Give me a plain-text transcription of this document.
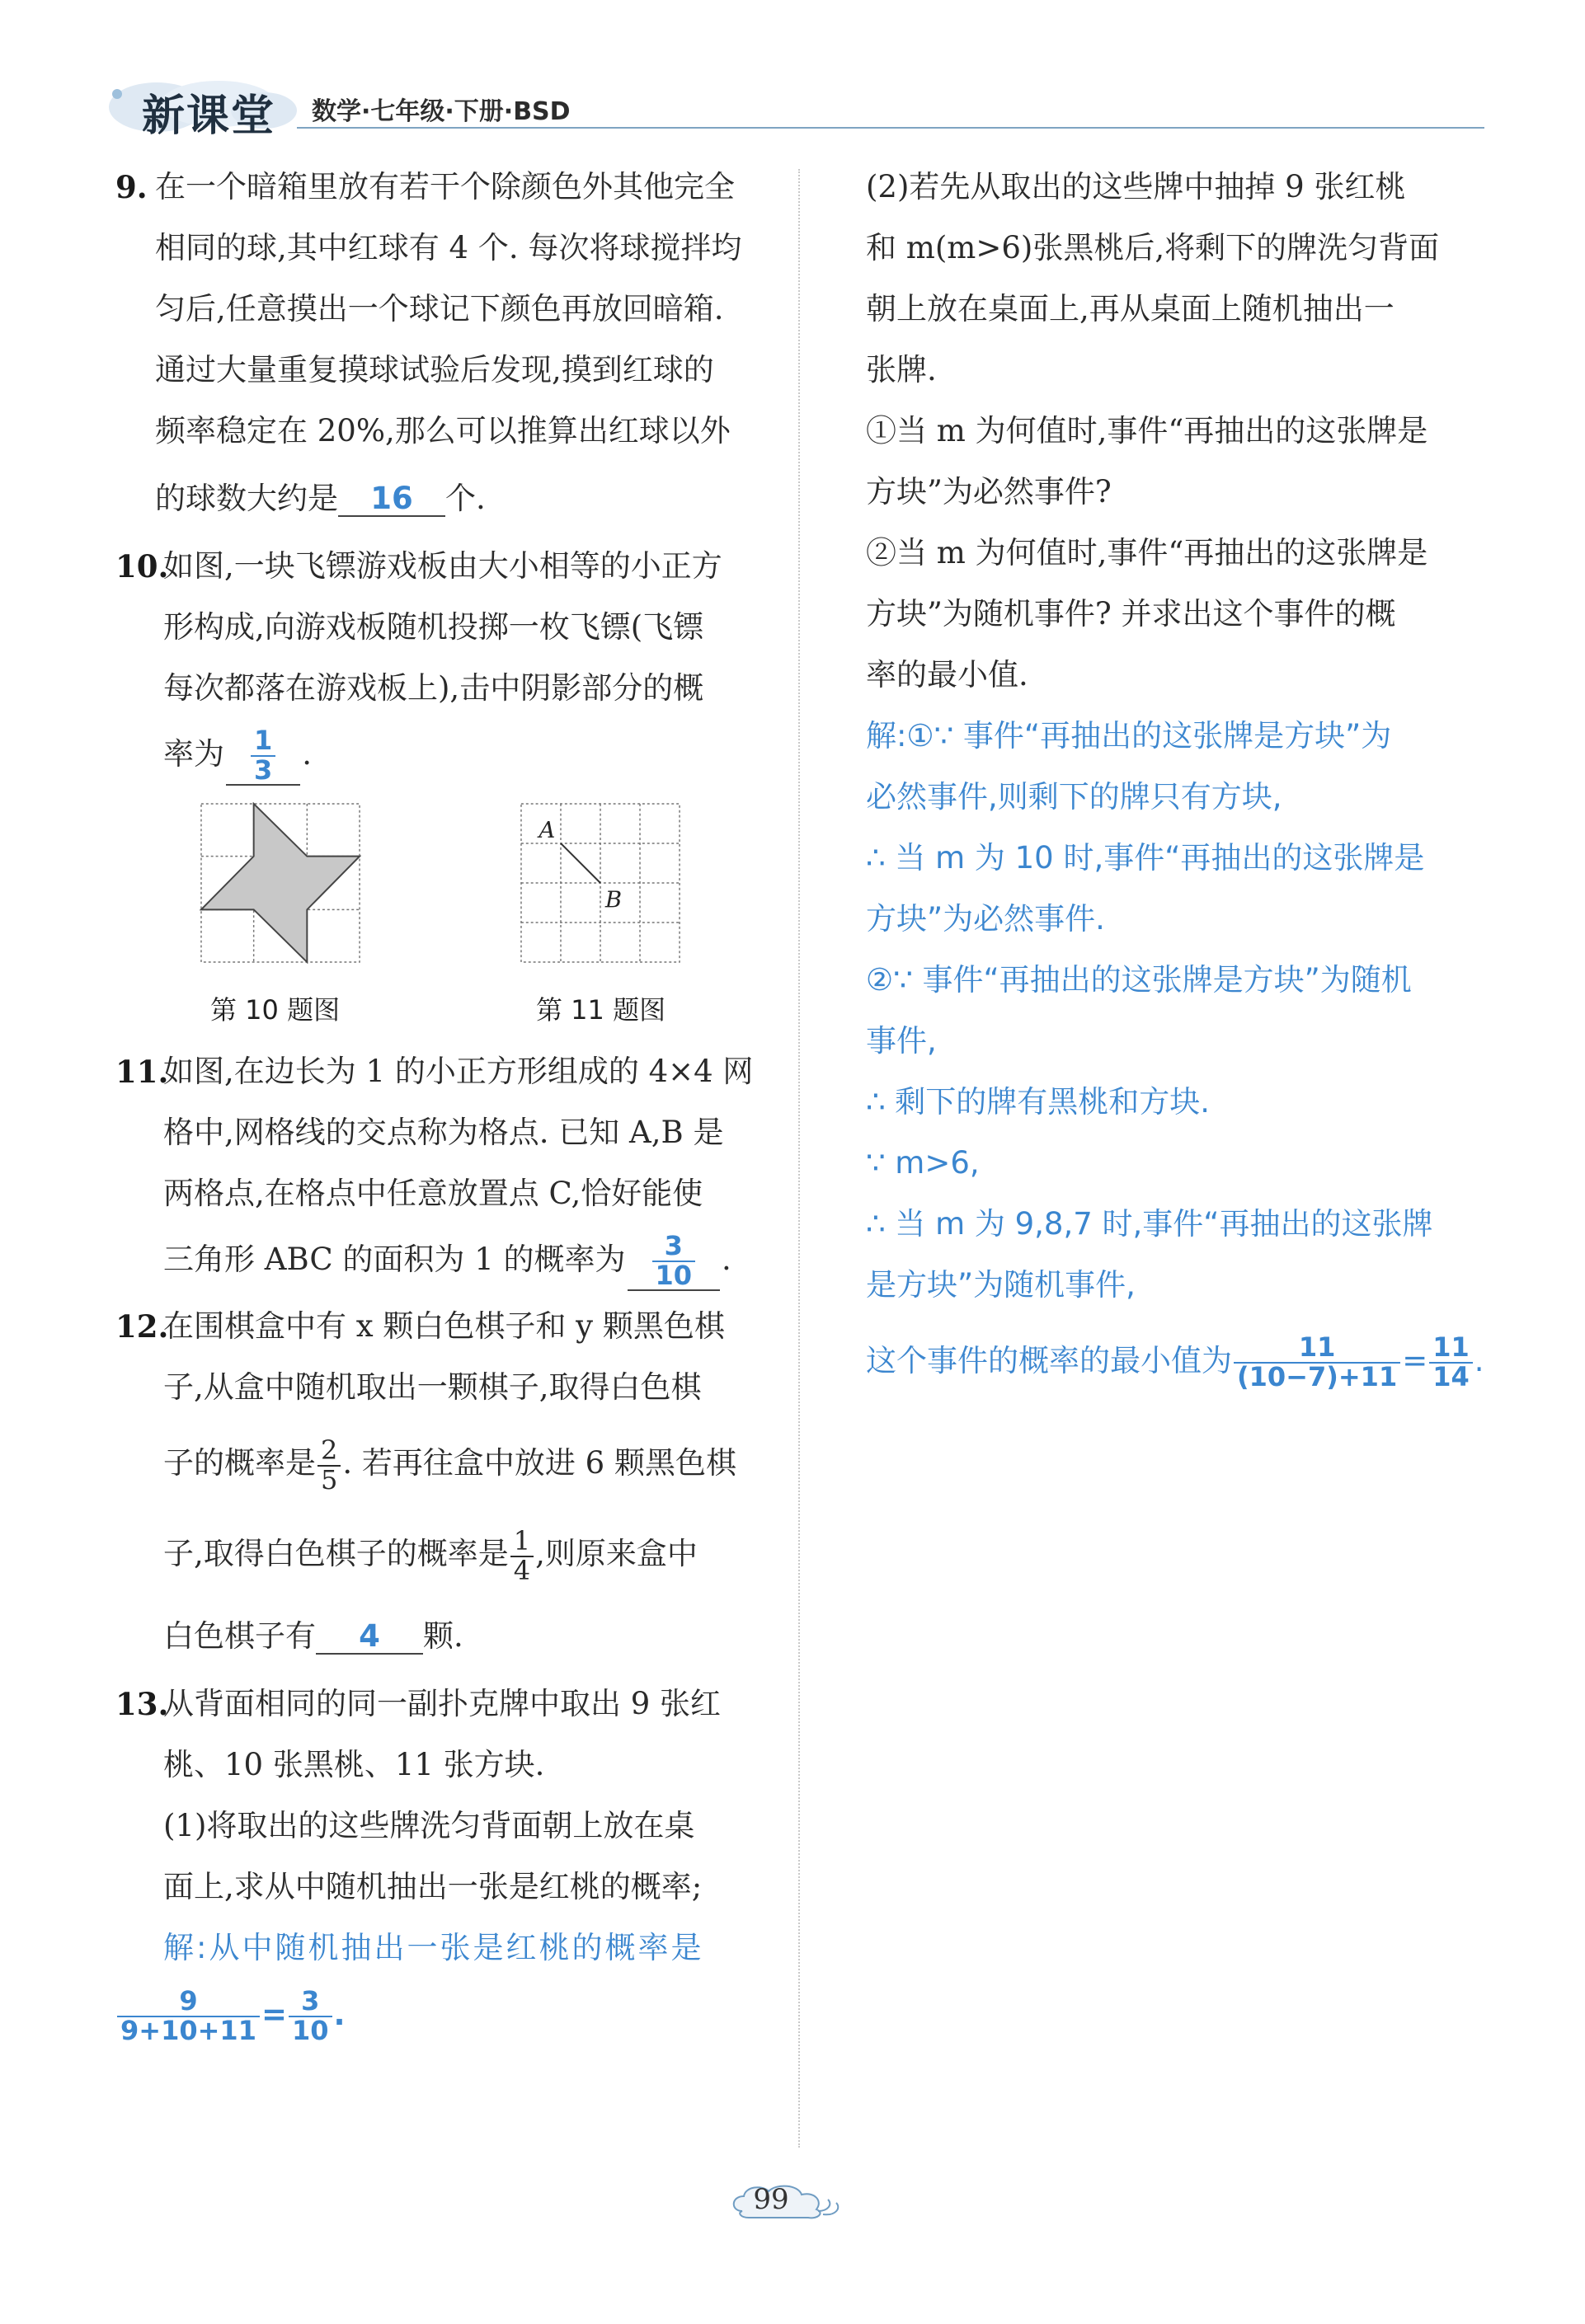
新课堂 数学·七年级·下册·BSD
9. 在一个暗箱里放有若干个除颜色外其他完全
相同的球,其中红球有 4 个. 每次将球搅拌均
匀后,任意摸出一个球记下颜色再放回暗箱.
通过大量重复摸球试验后发现,摸到红球的
频率稳定在 20%,那么可以推算出红球以外
的球数大约是 16 个.
10.
如图,一块飞镖游戏板由大小相等的小正方
形构成,向游戏板随机投掷一枚飞镖(飞镖
每次都落在游戏板上),击中阴影部分的概
率为 $\frac{1}{3}$ .
第 10 题图
A
B
第 11 题图
11.
如图,在边长为 1 的小正方形组成的 4×4 网
格中,网格线的交点称为格点. 已知 A,B 是
两格点,在格点中任意放置点 C,恰好能使
三角形 ABC 的面积为 1 的概率为 $\frac{3}{10}$ .
12.
在围棋盒中有 x 颗白色棋子和 y 颗黑色棋
子,从盒中随机取出一颗棋子,取得白色棋
子的概率是 $\frac{2}{5}$ . 若再往盒中放进 6 颗黑色棋
子,取得白色棋子的概率是 $\frac{1}{4}$ ,则原来盒中
白色棋子有 4 颗.
13.
从背面相同的同一副扑克牌中取出 9 张红
桃、10 张黑桃、11 张方块.
(1)将取出的这些牌洗匀背面朝上放在桌
面上,求从中随机抽出一张是红桃的概率;
解:从中随机抽出一张是红桃的概率是
$\frac{9}{9+10+11} = \frac{3}{10}$ .
(2)若先从取出的这些牌中抽掉 9 张红桃
和 m(m>6)张黑桃后,将剩下的牌洗匀背面
朝上放在桌面上,再从桌面上随机抽出一
张牌.
①当 m 为何值时,事件“再抽出的这张牌是
方块”为必然事件?
②当 m 为何值时,事件“再抽出的这张牌是
方块”为随机事件? 并求出这个事件的概
率的最小值.
解:①∵ 事件“再抽出的这张牌是方块”为
必然事件,则剩下的牌只有方块,
∴ 当 m 为 10 时,事件“再抽出的这张牌是
方块”为必然事件.
②∵ 事件“再抽出的这张牌是方块”为随机
事件,
∴ 剩下的牌有黑桃和方块.
∵ m>6,
∴ 当 m 为 9,8,7 时,事件“再抽出的这张牌
是方块”为随机事件,
这个事件的概率的最小值为 $\frac{11}{(10-7)+11} = \frac{11}{14}$ .
99
